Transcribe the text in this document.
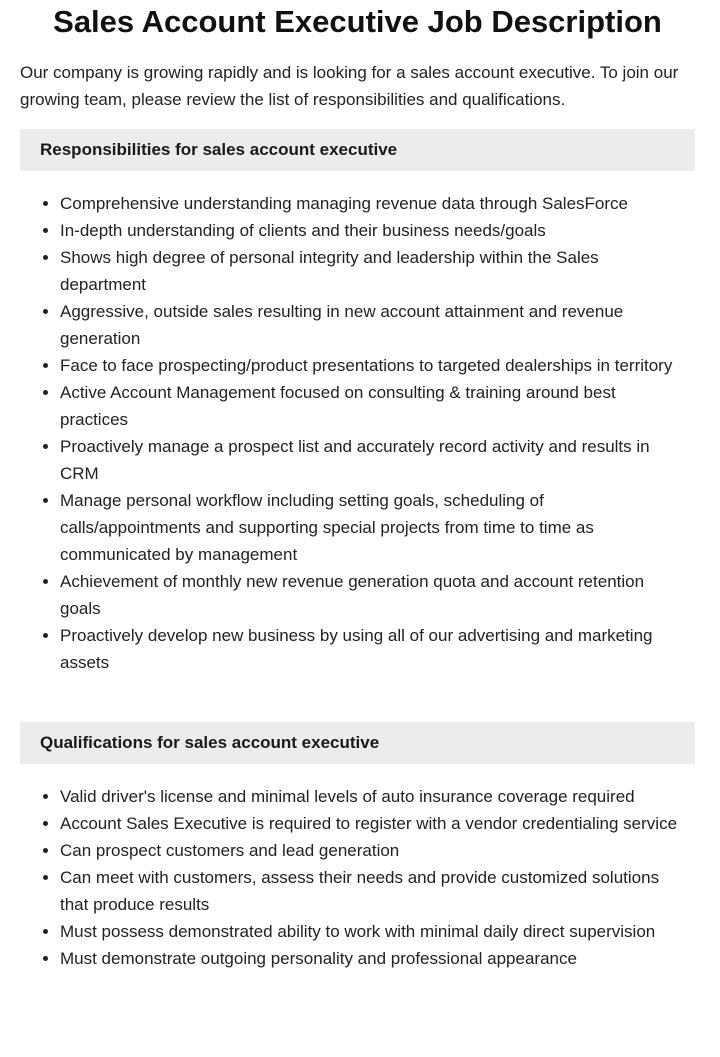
Sales Account Executive Job Description

Our company is growing rapidly and is looking for a sales account executive. To join our growing team, please review the list of responsibilities and qualifications.

Responsibilities for sales account executive
• Comprehensive understanding managing revenue data through SalesForce
• In-depth understanding of clients and their business needs/goals
• Shows high degree of personal integrity and leadership within the Sales department
• Aggressive, outside sales resulting in new account attainment and revenue generation
• Face to face prospecting/product presentations to targeted dealerships in territory
• Active Account Management focused on consulting & training around best practices
• Proactively manage a prospect list and accurately record activity and results in CRM
• Manage personal workflow including setting goals, scheduling of calls/appointments and supporting special projects from time to time as communicated by management
• Achievement of monthly new revenue generation quota and account retention goals
• Proactively develop new business by using all of our advertising and marketing assets
Qualifications for sales account executive
• Valid driver's license and minimal levels of auto insurance coverage required
• Account Sales Executive is required to register with a vendor credentialing service
• Can prospect customers and lead generation
• Can meet with customers, assess their needs and provide customized solutions that produce results
• Must possess demonstrated ability to work with minimal daily direct supervision
• Must demonstrate outgoing personality and professional appearance
